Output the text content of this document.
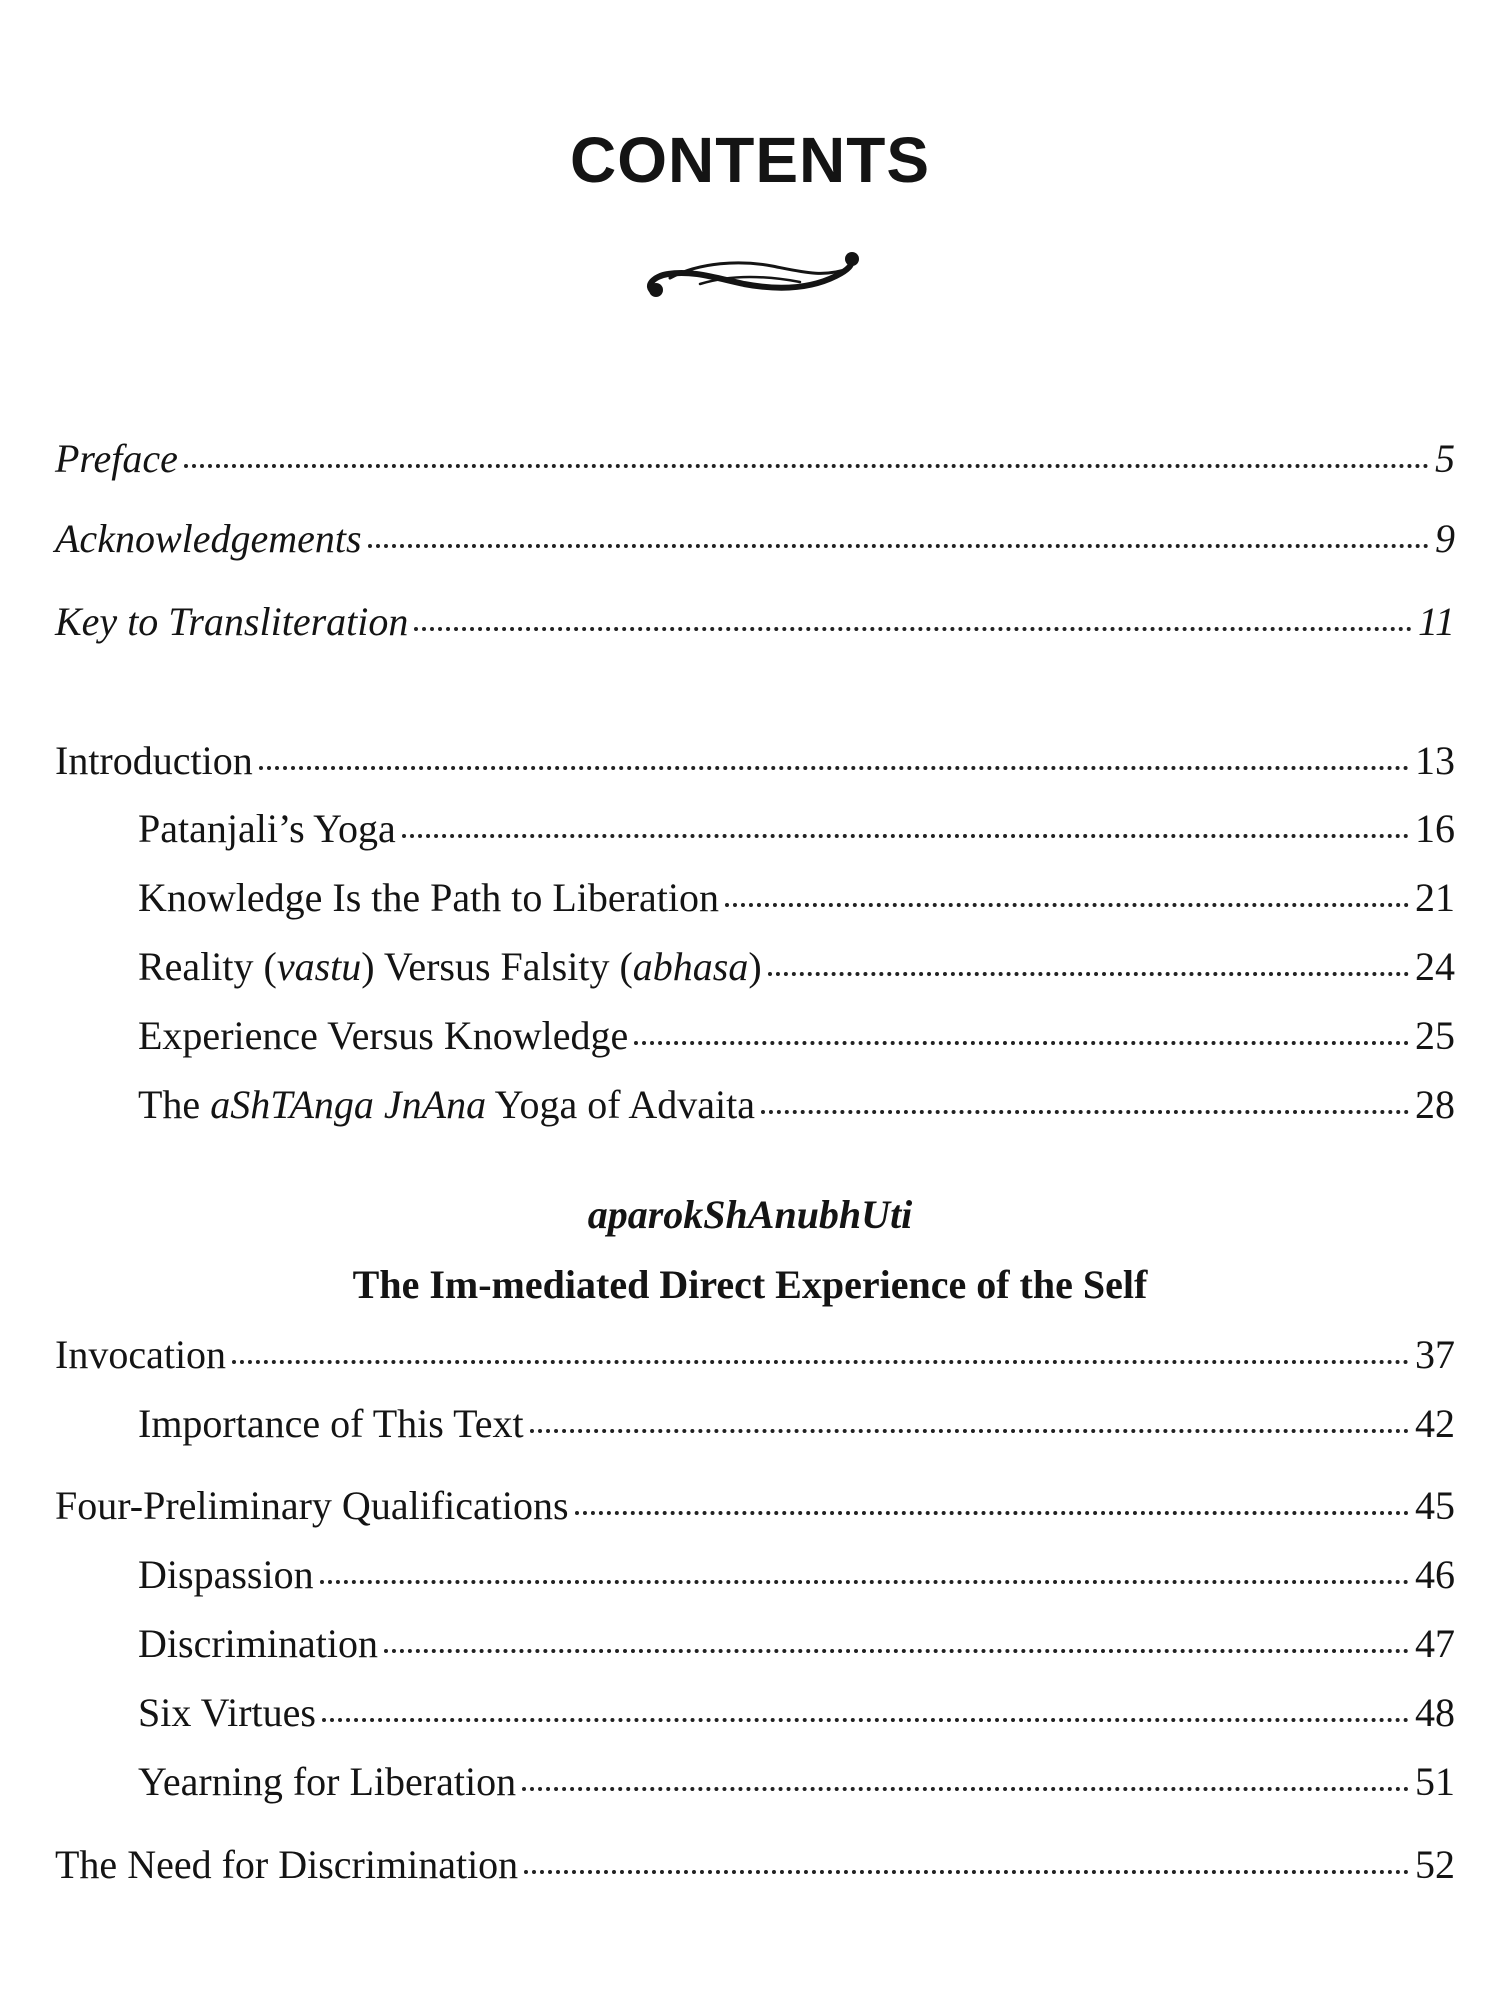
CONTENTS
Preface	5
Acknowledgements	9
Key to Transliteration	11
Introduction	13
Patanjali’s Yoga	16
Knowledge Is the Path to Liberation	21
Reality (vastu) Versus Falsity (abhasa)	24
Experience Versus Knowledge	25
The aShTAnga JnAna Yoga of Advaita	28
aparokShAnubhUti
The Im-mediated Direct Experience of the Self
Invocation	37
Importance of This Text	42
Four-Preliminary Qualifications	45
Dispassion	46
Discrimination	47
Six Virtues	48
Yearning for Liberation	51
The Need for Discrimination	52
